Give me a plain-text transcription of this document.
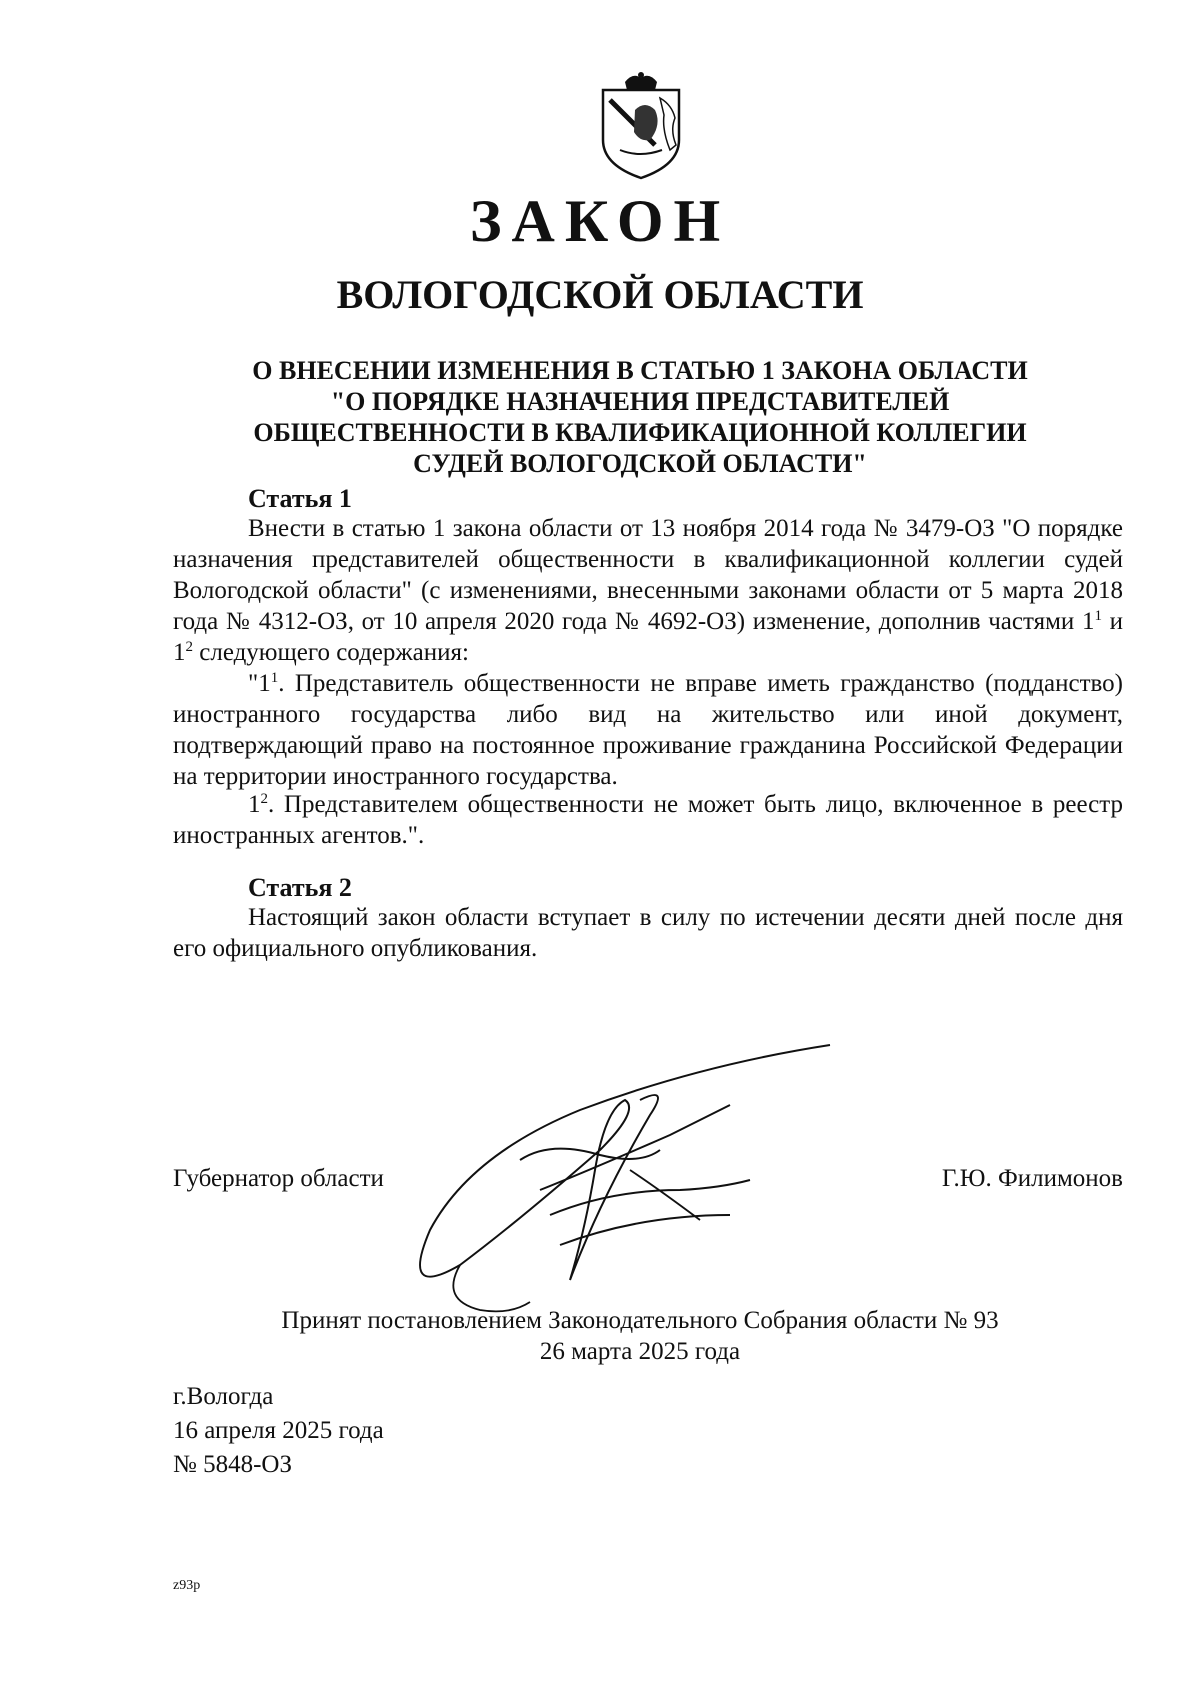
ЗАКОН
ВОЛОГОДСКОЙ ОБЛАСТИ
О ВНЕСЕНИИ ИЗМЕНЕНИЯ В СТАТЬЮ 1 ЗАКОНА ОБЛАСТИ
"О ПОРЯДКЕ НАЗНАЧЕНИЯ ПРЕДСТАВИТЕЛЕЙ
ОБЩЕСТВЕННОСТИ В КВАЛИФИКАЦИОННОЙ КОЛЛЕГИИ
СУДЕЙ ВОЛОГОДСКОЙ ОБЛАСТИ"
Статья 1
Внести в статью 1 закона области от 13 ноября 2014 года № 3479-ОЗ "О порядке назначения представителей общественности в квалификационной коллегии судей Вологодской области" (с изменениями, внесенными законами области от 5 марта 2018 года № 4312-ОЗ, от 10 апреля 2020 года № 4692-ОЗ) изменение, дополнив частями $1^1$ и $1^2$ следующего содержания:
"$1^1$. Представитель общественности не вправе иметь гражданство (подданство) иностранного государства либо вид на жительство или иной документ, подтверждающий право на постоянное проживание гражданина Российской Федерации на территории иностранного государства.
$1^2$. Представителем общественности не может быть лицо, включенное в реестр иностранных агентов.".
Статья 2
Настоящий закон области вступает в силу по истечении десяти дней после дня его официального опубликования.
Губернатор области	Г.Ю. Филимонов
Принят постановлением Законодательного Собрания области № 93
26 марта 2025 года
г.Вологда
16 апреля 2025 года
№ 5848-ОЗ
z93p
